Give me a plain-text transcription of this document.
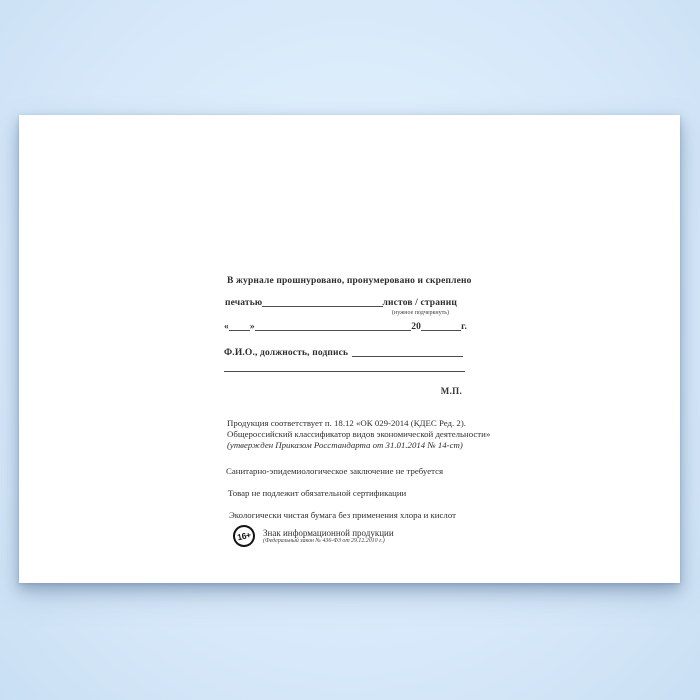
В журнале прошнуровано, пронумеровано и скреплено
печатью	листов / страниц
(нужное подчеркнуть)
« »	20	г.
Ф.И.О., должность, подпись
М.П.
Продукция соответствует п. 18.12 «ОК 029-2014 (КДЕС Ред. 2).
Общероссийский классификатор видов экономической деятельности»
(утвержден Приказом Росстандарта от 31.01.2014 № 14-ст)
Санитарно-эпидемиологическое заключение не требуется
Товар не подлежит обязательной сертификации
Экологически чистая бумага без применения хлора и кислот
16+	Знак информационной продукции
(Федеральный закон № 436-ФЗ от 29.12.2010 г.)
